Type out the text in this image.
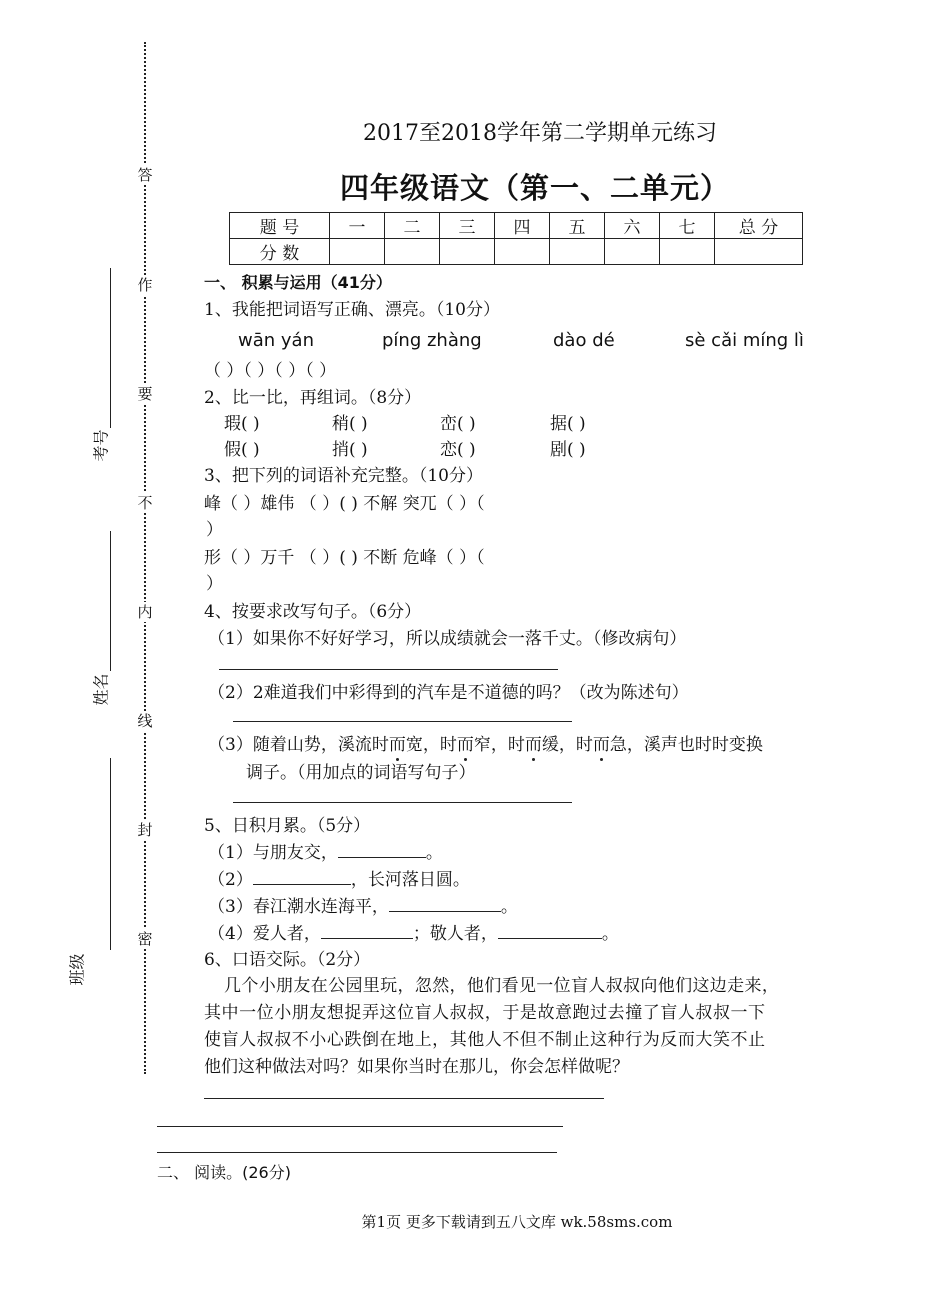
答
作
要
不
内
线
封
密
考号
姓名
班级
2017至2018学年第二学期单元练习
四年级语文（第一、二单元）
题 号	一	二	三	四	五	六	七	总 分
分 数								
一、 积累与运用（41分）
1、我能把词语写正确、漂亮。（10分）
wān yán	píng zhàng	dào dé	sè cǎi míng lì
（ ）（ ）（ ）（ ）
2、比一比，再组词。（8分）
瑕( )	稍( )	峦( )	据( )
假( )	捎( )	恋( )	剧( )
3、把下列的词语补充完整。（10分）
峰（ ）雄伟 （ ）( ) 不解 突兀（ ）（
）
形（ ）万千 （ ）( ) 不断 危峰（ ）（
）
4、按要求改写句子。（6分）
（1）如果你不好好学习，所以成绩就会一落千丈。（修改病句）
（2）2难道我们中彩得到的汽车是不道德的吗？（改为陈述句）
（3）随着山势，溪流时而宽，时而窄，时而缓，时而急，溪声也时时变换
调子。（用加点的词语写句子）
5、日积月累。（5分）
（1）与朋友交，	。
（2）	，长河落日圆。
（3）春江潮水连海平，	。
（4）爱人者，	；敬人者，	。
6、口语交际。（2分）
几个小朋友在公园里玩，忽然，他们看见一位盲人叔叔向他们这边走来，
其中一位小朋友想捉弄这位盲人叔叔，于是故意跑过去撞了盲人叔叔一下
使盲人叔叔不小心跌倒在地上，其他人不但不制止这种行为反而大笑不止
他们这种做法对吗？如果你当时在那儿，你会怎样做呢？
二、 阅读。(26分)
第1页 更多下载请到五八文库 wk.58sms.com
